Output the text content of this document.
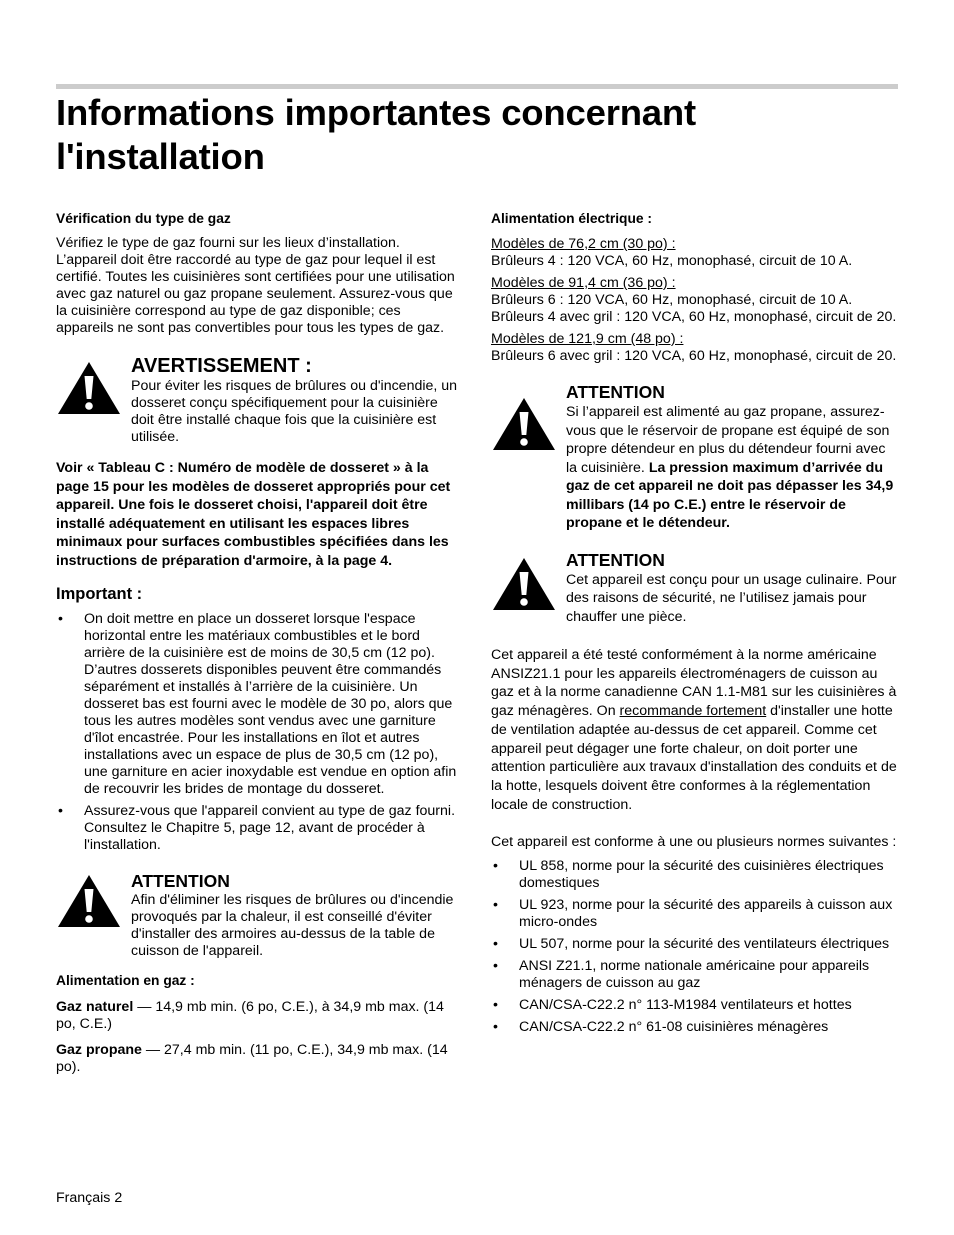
Informations importantes concernant l'installation

Vérification du type de gaz

Vérifiez le type de gaz fourni sur les lieux d’installation. L’appareil doit être raccordé au type de gaz pour lequel il est certifié. Toutes les cuisinières sont certifiées pour une utilisation avec gaz naturel ou gaz propane seulement. Assurez-vous que la cuisinière correspond au type de gaz disponible; ces appareils ne sont pas convertibles pour tous les types de gaz.

AVERTISSEMENT :

Pour éviter les risques de brûlures ou d'incendie, un dosseret conçu spécifiquement pour la cuisinière doit être installé chaque fois que la cuisinière est utilisée.

Voir « Tableau C : Numéro de modèle de dosseret » à la page 15 pour les modèles de dosseret appropriés pour cet appareil. Une fois le dosseret choisi, l'appareil doit être installé adéquatement en utilisant les espaces libres minimaux pour surfaces combustibles spécifiées dans les instructions de préparation d'armoire, à la page 4.

Important :

• On doit mettre en place un dosseret lorsque l'espace horizontal entre les matériaux combustibles et le bord arrière de la cuisinière est de moins de 30,5 cm (12 po). D’autres dosserets disponibles peuvent être commandés séparément et installés à l’arrière de la cuisinière. Un dosseret bas est fourni avec le modèle de 30 po, alors que tous les autres modèles sont vendus avec une garniture d'îlot encastrée. Pour les installations en îlot et autres installations avec un espace de plus de 30,5 cm (12 po), une garniture en acier inoxydable est vendue en option afin de recouvrir les brides de montage du dosseret.
• Assurez-vous que l'appareil convient au type de gaz fourni. Consultez le Chapitre 5, page 12, avant de procéder à l'installation.

ATTENTION

Afin d'éliminer les risques de brûlures ou d'incendie provoqués par la chaleur, il est conseillé d'éviter d'installer des armoires au-dessus de la table de cuisson de l'appareil.

Alimentation en gaz :

Gaz naturel — 14,9 mb min. (6 po, C.E.), à 34,9 mb max. (14 po, C.E.)

Gaz propane — 27,4 mb min. (11 po, C.E.), 34,9 mb max. (14 po).

Alimentation électrique :

Modèles de 76,2 cm (30 po) :

Brûleurs 4 : 120 VCA, 60 Hz, monophasé, circuit de 10 A.

Modèles de 91,4 cm (36 po) :

Brûleurs 6 : 120 VCA, 60 Hz, monophasé, circuit de 10 A.

Brûleurs 4 avec gril : 120 VCA, 60 Hz, monophasé, circuit de 20.

Modèles de 121,9 cm (48 po) :

Brûleurs 6 avec gril : 120 VCA, 60 Hz, monophasé, circuit de 20.

ATTENTION

Si l’appareil est alimenté au gaz propane, assurez-vous que le réservoir de propane est équipé de son propre détendeur en plus du détendeur fourni avec la cuisinière. La pression maximum d’arrivée du gaz de cet appareil ne doit pas dépasser les 34,9 millibars (14 po C.E.) entre le réservoir de propane et le détendeur.

ATTENTION

Cet appareil est conçu pour un usage culinaire. Pour des raisons de sécurité, ne l’utilisez jamais pour chauffer une pièce.

Cet appareil a été testé conformément à la norme américaine ANSIZ21.1 pour les appareils électroménagers de cuisson au gaz et à la norme canadienne CAN 1.1-M81 sur les cuisinières à gaz ménagères. On recommande fortement d'installer une hotte de ventilation adaptée au-dessus de cet appareil. Comme cet appareil peut dégager une forte chaleur, on doit porter une attention particulière aux travaux d'installation des conduits et de la hotte, lesquels doivent être conformes à la réglementation locale de construction.

Cet appareil est conforme à une ou plusieurs normes suivantes :

• UL 858, norme pour la sécurité des cuisinières électriques domestiques
• UL 923, norme pour la sécurité des appareils à cuisson aux micro-ondes
• UL 507, norme pour la sécurité des ventilateurs électriques
• ANSI Z21.1, norme nationale américaine pour appareils ménagers de cuisson au gaz
• CAN/CSA-C22.2 n° 113-M1984 ventilateurs et hottes
• CAN/CSA-C22.2 n° 61-08 cuisinières ménagères
Français 2
